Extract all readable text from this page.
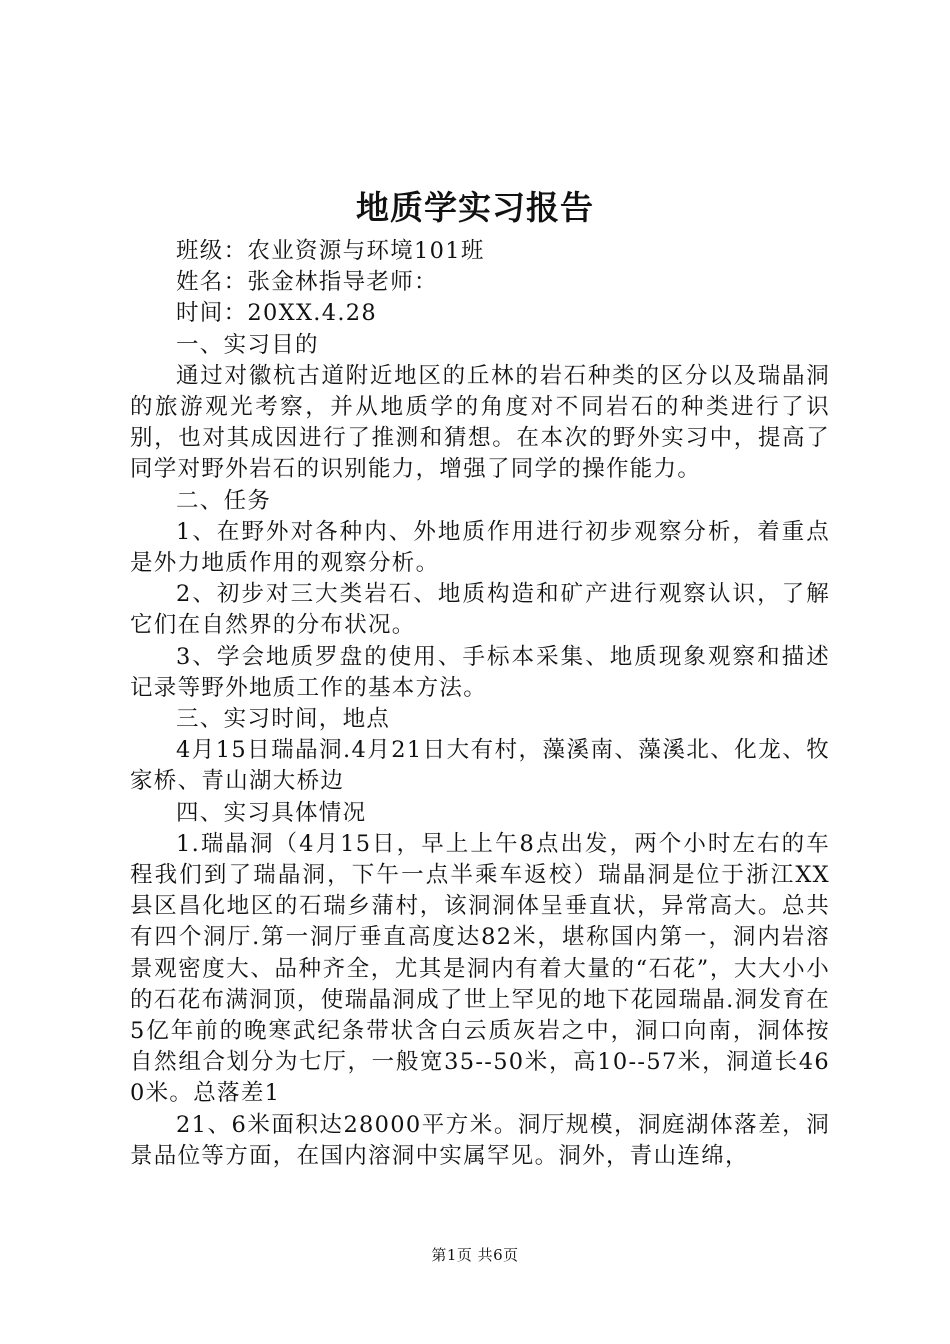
地质学实习报告

班级：农业资源与环境101班

姓名：张金林指导老师：

时间：20XX.4.28

一、实习目的

通过对徽杭古道附近地区的丘林的岩石种类的区分以及瑞晶洞的旅游观光考察，并从地质学的角度对不同岩石的种类进行了识别，也对其成因进行了推测和猜想。在本次的野外实习中，提高了同学对野外岩石的识别能力，增强了同学的操作能力。

二、任务

1、在野外对各种内、外地质作用进行初步观察分析，着重点是外力地质作用的观察分析。

2、初步对三大类岩石、地质构造和矿产进行观察认识，了解它们在自然界的分布状况。

3、学会地质罗盘的使用、手标本采集、地质现象观察和描述记录等野外地质工作的基本方法。

三、实习时间，地点

4月15日瑞晶洞.4月21日大有村，藻溪南、藻溪北、化龙、牧家桥、青山湖大桥边

四、实习具体情况

1.瑞晶洞（4月15日，早上上午8点出发，两个小时左右的车程我们到了瑞晶洞，下午一点半乘车返校）瑞晶洞是位于浙江XX县区昌化地区的石瑞乡蒲村，该洞洞体呈垂直状，异常高大。总共有四个洞厅.第一洞厅垂直高度达82米，堪称国内第一，洞内岩溶景观密度大、品种齐全，尤其是洞内有着大量的“石花”，大大小小的石花布满洞顶，使瑞晶洞成了世上罕见的地下花园瑞晶.洞发育在5亿年前的晚寒武纪条带状含白云质灰岩之中，洞口向南，洞体按自然组合划分为七厅，一般宽35--50米，高10--57米，洞道长460米。总落差1

21、6米面积达28000平方米。洞厅规模，洞庭湖体落差，洞景品位等方面，在国内溶洞中实属罕见。洞外，青山连绵，

第1页 共6页
